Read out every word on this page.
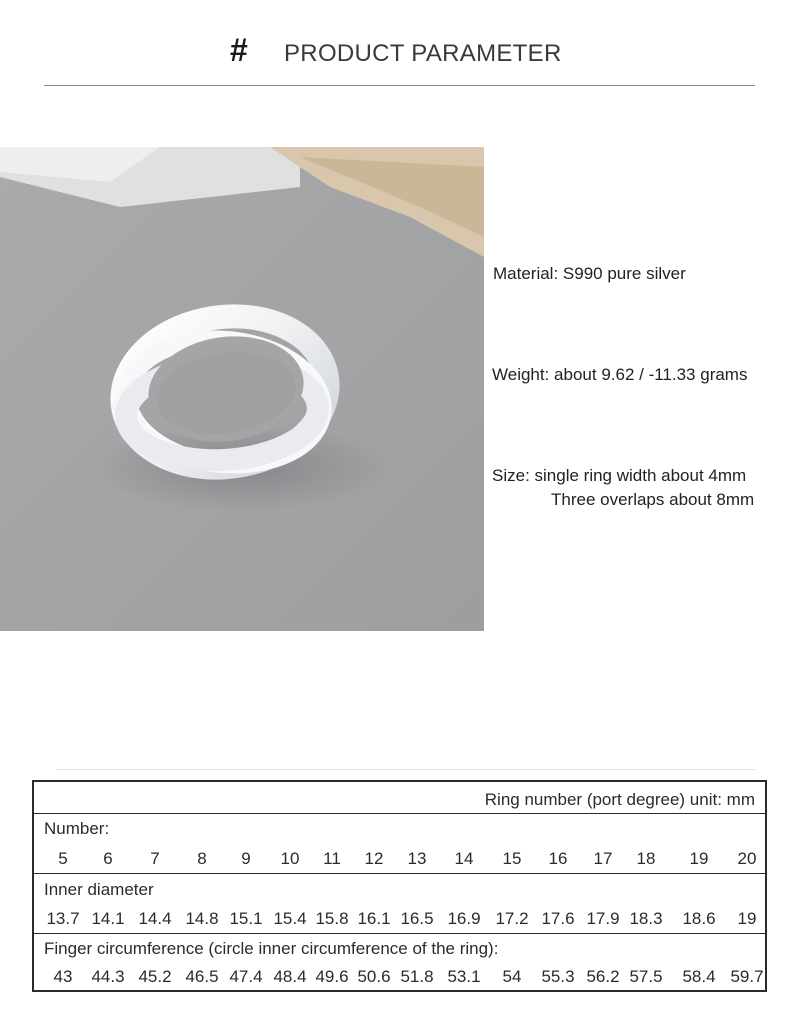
# PRODUCT PARAMETER
Material: S990 pure silver
Weight: about 9.62 / -11.33 grams
Size: single ring width about 4mm
Three overlaps about 8mm
Ring number (port degree) unit: mm
Number:
5 6 7 8 9 10 11 12 13 14 15 16 17 18 19 20
Inner diameter
13.7 14.1 14.4 14.8 15.1 15.4 15.8 16.1 16.5 16.9 17.2 17.6 17.9 18.3 18.6 19
Finger circumference (circle inner circumference of the ring):
43 44.3 45.2 46.5 47.4 48.4 49.6 50.6 51.8 53.1 54 55.3 56.2 57.5 58.4 59.7
